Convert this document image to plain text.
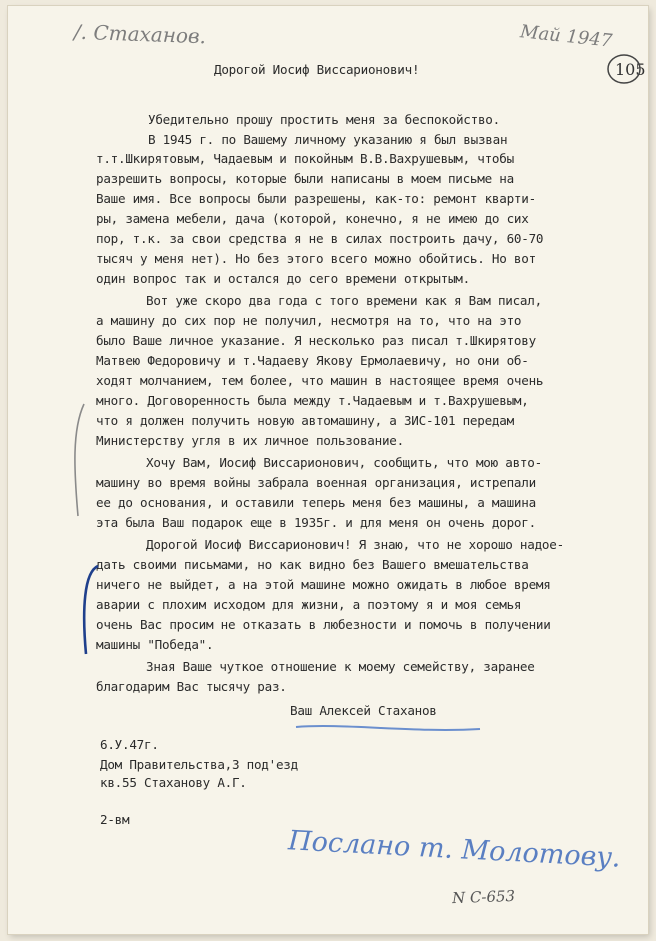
/. Стаханов.	Май 1947
105
Дорогой Иосиф Виссарионович!
Убедительно прошу простить меня за беспокойство.
В 1945 г. по Вашему личному указанию я был вызван
т.т.Шкирятовым, Чадаевым и покойным В.В.Вахрушевым, чтобы
разрешить вопросы, которые были написаны в моем письме на
Ваше имя. Все вопросы были разрешены, как-то: ремонт кварти-
ры, замена мебели, дача (которой, конечно, я не имею до сих
пор, т.к. за свои средства я не в силах построить дачу, 60-70
тысяч у меня нет). Но без этого всего можно обойтись. Но вот
один вопрос так и остался до сего времени открытым.
Вот уже скоро два года с того времени как я Вам писал,
а машину до сих пор не получил, несмотря на то, что на это
было Ваше личное указание. Я несколько раз писал т.Шкирятову
Матвею Федоровичу и т.Чадаеву Якову Ермолаевичу, но они об-
ходят молчанием, тем более, что машин в настоящее время очень
много. Договоренность была между т.Чадаевым и т.Вахрушевым,
что я должен получить новую автомашину, а ЗИС-101 передам
Министерству угля в их личное пользование.
Хочу Вам, Иосиф Виссарионович, сообщить, что мою авто-
машину во время войны забрала военная организация, истрепали
ее до основания, и оставили теперь меня без машины, а машина
эта была Ваш подарок еще в 1935г. и для меня он очень дорог.
Дорогой Иосиф Виссарионович! Я знаю, что не хорошо надое-
дать своими письмами, но как видно без Вашего вмешательства
ничего не выйдет, а на этой машине можно ожидать в любое время
аварии с плохим исходом для жизни, а поэтому я и моя семья
очень Вас просим не отказать в любезности и помочь в получении
машины "Победа".
Зная Ваше чуткое отношение к моему семейству, заранее
благодарим Вас тысячу раз.
Ваш Алексей Стаханов
6.У.47г.
Дом Правительства,3 под'езд
кв.55 Стаханову А.Г.
2-вм
Послано т. Молотову.
N С-653
